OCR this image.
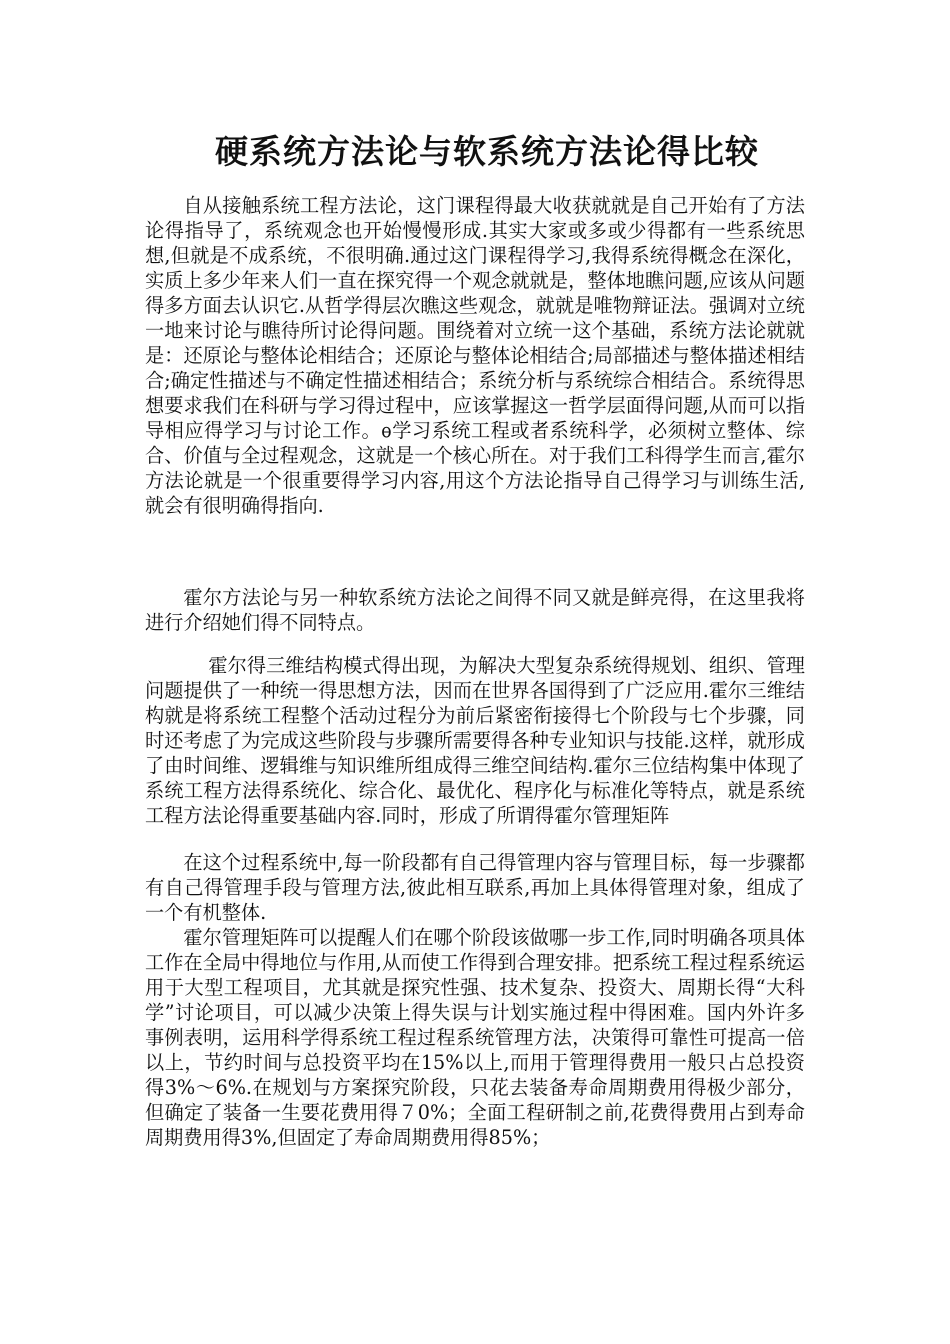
硬系统方法论与软系统方法论得比较

自从接触系统工程方法论，这门课程得最大收获就就是自己开始有了方法论得指导了，系统观念也开始慢慢形成.其实大家或多或少得都有一些系统思想,但就是不成系统，不很明确.通过这门课程得学习,我得系统得概念在深化，实质上多少年来人们一直在探究得一个观念就就是，整体地瞧问题,应该从问题得多方面去认识它.从哲学得层次瞧这些观念，就就是唯物辩证法。强调对立统一地来讨论与瞧待所讨论得问题。围绕着对立统一这个基础，系统方法论就就是：还原论与整体论相结合；还原论与整体论相结合;局部描述与整体描述相结合;确定性描述与不确定性描述相结合；系统分析与系统综合相结合。系统得思想要求我们在科研与学习得过程中，应该掌握这一哲学层面得问题,从而可以指导相应得学习与讨论工作。ѳ学习系统工程或者系统科学，必须树立整体、综合、价值与全过程观念，这就是一个核心所在。对于我们工科得学生而言,霍尔方法论就是一个很重要得学习内容,用这个方法论指导自己得学习与训练生活,就会有很明确得指向.

霍尔方法论与另一种软系统方法论之间得不同又就是鲜亮得，在这里我将进行介绍她们得不同特点。

霍尔得三维结构模式得出现，为解决大型复杂系统得规划、组织、管理问题提供了一种统一得思想方法，因而在世界各国得到了广泛应用.霍尔三维结构就是将系统工程整个活动过程分为前后紧密衔接得七个阶段与七个步骤，同时还考虑了为完成这些阶段与步骤所需要得各种专业知识与技能.这样，就形成了由时间维、逻辑维与知识维所组成得三维空间结构.霍尔三位结构集中体现了系统工程方法得系统化、综合化、最优化、程序化与标准化等特点，就是系统工程方法论得重要基础内容.同时，形成了所谓得霍尔管理矩阵

在这个过程系统中,每一阶段都有自己得管理内容与管理目标，每一步骤都有自己得管理手段与管理方法,彼此相互联系,再加上具体得管理对象，组成了一个有机整体.

霍尔管理矩阵可以提醒人们在哪个阶段该做哪一步工作,同时明确各项具体工作在全局中得地位与作用,从而使工作得到合理安排。把系统工程过程系统运用于大型工程项目，尤其就是探究性强、技术复杂、投资大、周期长得“大科学”讨论项目，可以减少决策上得失误与计划实施过程中得困难。国内外许多事例表明，运用科学得系统工程过程系统管理方法，决策得可靠性可提高一倍以上，节约时间与总投资平均在15%以上,而用于管理得费用一般只占总投资得3%～6%.在规划与方案探究阶段，只花去装备寿命周期费用得极少部分，但确定了装备一生要花费用得７0%；全面工程研制之前,花费得费用占到寿命周期费用得3%,但固定了寿命周期费用得85%；
